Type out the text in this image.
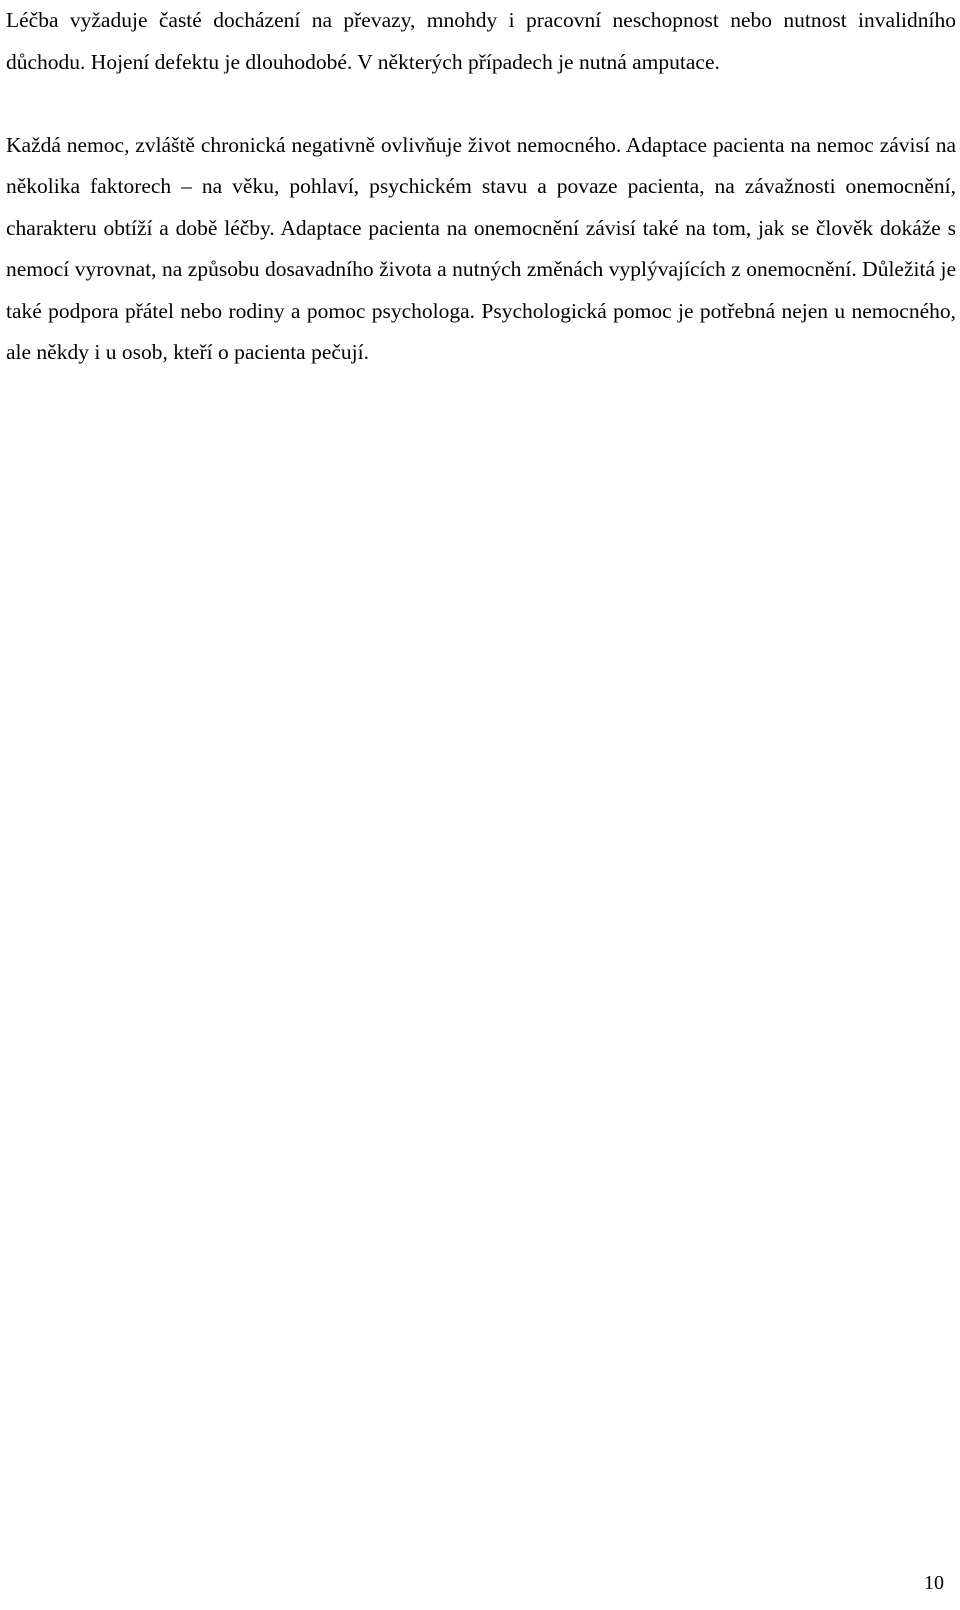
Léčba vyžaduje časté docházení na převazy, mnohdy i pracovní neschopnost nebo nutnost invalidního důchodu. Hojení defektu je dlouhodobé. V některých případech je nutná amputace.

Každá nemoc, zvláště chronická negativně ovlivňuje život nemocného. Adaptace pacienta na nemoc závisí na několika faktorech – na věku, pohlaví, psychickém stavu a povaze pacienta, na závažnosti onemocnění, charakteru obtíží a době léčby. Adaptace pacienta na onemocnění závisí také na tom, jak se člověk dokáže s nemocí vyrovnat, na způsobu dosavadního života a nutných změnách vyplývajících z onemocnění. Důležitá je také podpora přátel nebo rodiny a pomoc psychologa. Psychologická pomoc je potřebná nejen u nemocného, ale někdy i u osob, kteří o pacienta pečují.

10
